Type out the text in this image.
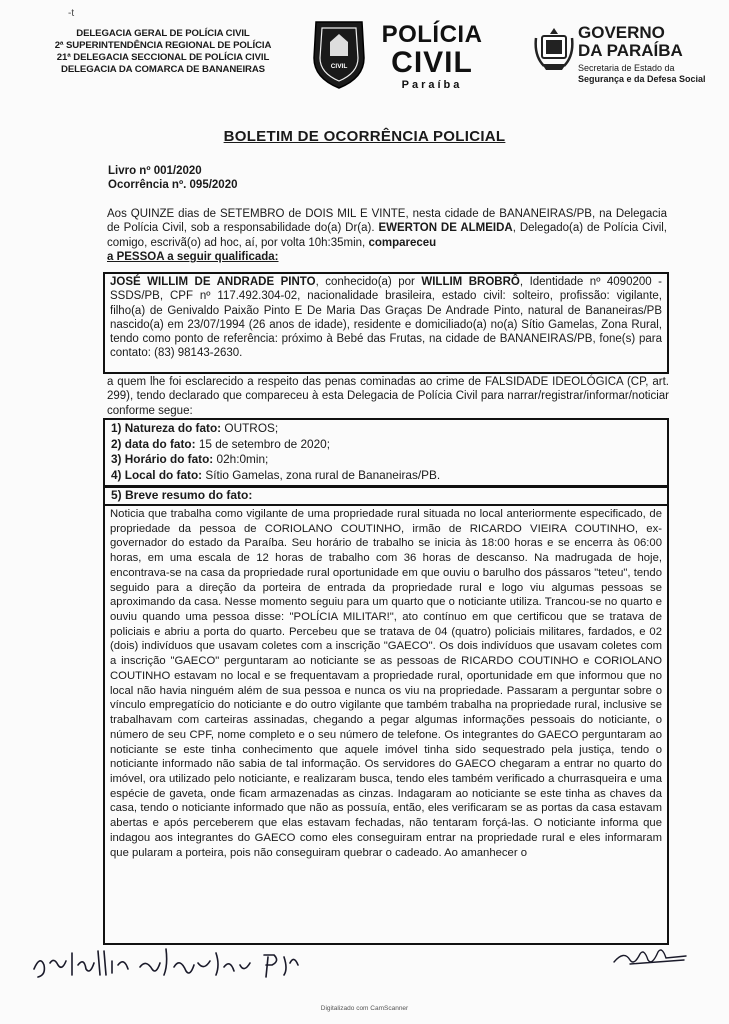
-t
DELEGACIA GERAL DE POLÍCIA CIVIL
2ª SUPERINTENDÊNCIA REGIONAL DE POLÍCIA
21ª DELEGACIA SECCIONAL DE POLÍCIA CIVIL
DELEGACIA DA COMARCA DE BANANEIRAS	CIVIL
POLÍCIA
CIVIL
Paraíba
GOVERNO
DA PARAÍBA
Secretaria de Estado da
Segurança e da Defesa Social
BOLETIM DE OCORRÊNCIA POLICIAL
Livro nº 001/2020
Ocorrência nº. 095/2020
Aos QUINZE dias de SETEMBRO de DOIS MIL E VINTE, nesta cidade de BANANEIRAS/PB, na Delegacia de Polícia Civil, sob a responsabilidade do(a) Dr(a). EWERTON DE ALMEIDA, Delegado(a) de Polícia Civil, comigo, escrivã(o) ad hoc, aí, por volta 10h:35min, compareceu
a PESSOA a seguir qualificada:
JOSÉ WILLIM DE ANDRADE PINTO, conhecido(a) por WILLIM BROBRÔ, Identidade nº 4090200 - SSDS/PB, CPF nº 117.492.304-02, nacionalidade brasileira, estado civil: solteiro, profissão: vigilante, filho(a) de Genivaldo Paixão Pinto E De Maria Das Graças De Andrade Pinto, natural de Bananeiras/PB nascido(a) em 23/07/1994 (26 anos de idade), residente e domiciliado(a) no(a) Sítio Gamelas, Zona Rural, tendo como ponto de referência: próximo à Bebé das Frutas, na cidade de BANANEIRAS/PB, fone(s) para contato: (83) 98143-2630.
a quem lhe foi esclarecido a respeito das penas cominadas ao crime de FALSIDADE IDEOLÓGICA (CP, art. 299), tendo declarado que compareceu à esta Delegacia de Polícia Civil para narrar/registrar/informar/noticiar conforme segue:
1) Natureza do fato: OUTROS;
2) data do fato: 15 de setembro de 2020;
3) Horário do fato: 02h:0min;
4) Local do fato: Sítio Gamelas, zona rural de Bananeiras/PB.
5) Breve resumo do fato:
Noticia que trabalha como vigilante de uma propriedade rural situada no local anteriormente especificado, de propriedade da pessoa de CORIOLANO COUTINHO, irmão de RICARDO VIEIRA COUTINHO, ex-governador do estado da Paraíba. Seu horário de trabalho se inicia às 18:00 horas e se encerra às 06:00 horas, em uma escala de 12 horas de trabalho com 36 horas de descanso. Na madrugada de hoje, encontrava-se na casa da propriedade rural oportunidade em que ouviu o barulho dos pássaros "teteu", tendo seguido para a direção da porteira de entrada da propriedade rural e logo viu algumas pessoas se aproximando da casa. Nesse momento seguiu para um quarto que o noticiante utiliza. Trancou-se no quarto e ouviu quando uma pessoa disse: "POLÍCIA MILITAR!", ato contínuo em que certificou que se tratava de policiais e abriu a porta do quarto. Percebeu que se tratava de 04 (quatro) policiais militares, fardados, e 02 (dois) indivíduos que usavam coletes com a inscrição "GAECO". Os dois indivíduos que usavam coletes com a inscrição "GAECO" perguntaram ao noticiante se as pessoas de RICARDO COUTINHO e CORIOLANO COUTINHO estavam no local e se frequentavam a propriedade rural, oportunidade em que informou que no local não havia ninguém além de sua pessoa e nunca os viu na propriedade. Passaram a perguntar sobre o vínculo empregatício do noticiante e do outro vigilante que também trabalha na propriedade rural, inclusive se trabalhavam com carteiras assinadas, chegando a pegar algumas informações pessoais do noticiante, o número de seu CPF, nome completo e o seu número de telefone. Os integrantes do GAECO perguntaram ao noticiante se este tinha conhecimento que aquele imóvel tinha sido sequestrado pela justiça, tendo o noticiante informado não sabia de tal informação. Os servidores do GAECO chegaram a entrar no quarto do imóvel, ora utilizado pelo noticiante, e realizaram busca, tendo eles também verificado a churrasqueira e uma espécie de gaveta, onde ficam armazenadas as cinzas. Indagaram ao noticiante se este tinha as chaves da casa, tendo o noticiante informado que não as possuía, então, eles verificaram se as portas da casa estavam abertas e após perceberem que elas estavam fechadas, não tentaram forçá-las. O noticiante informa que indagou aos integrantes do GAECO como eles conseguiram entrar na propriedade rural e eles informaram que pularam a porteira, pois não conseguiram quebrar o cadeado. Ao amanhecer o
Digitalizado com CamScanner
